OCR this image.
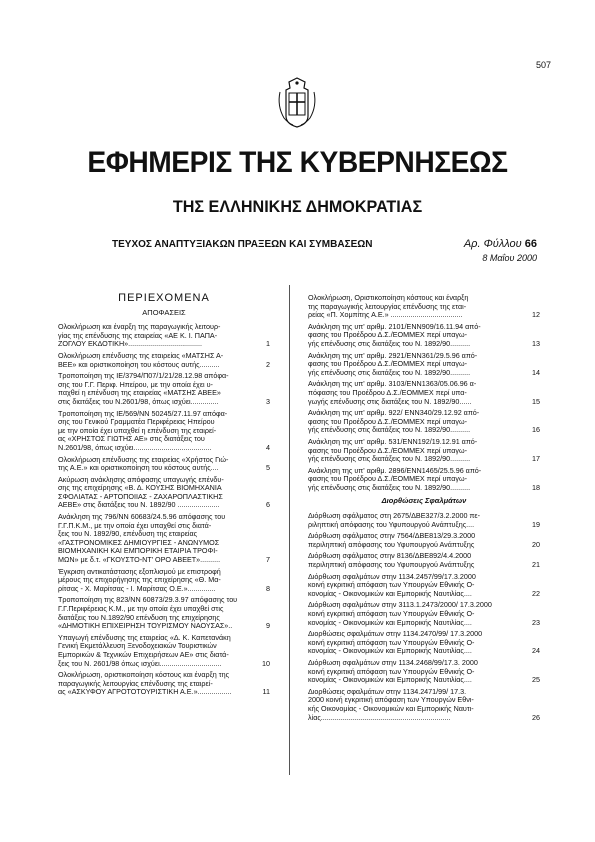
507
ΕΦΗΜΕΡΙΣ ΤΗΣ ΚΥΒΕΡΝΗΣΕΩΣ
ΤΗΣ ΕΛΛΗΝΙΚΗΣ ΔΗΜΟΚΡΑΤΙΑΣ
ΤΕΥΧΟΣ ΑΝΑΠΤΥΞΙΑΚΩΝ ΠΡΑΞΕΩΝ ΚΑΙ ΣΥΜΒΑΣΕΩΝ	Αρ. Φύλλου 66
8 Μαΐου 2000
ΠΕΡΙΕΧΟΜΕΝΑ
ΑΠΟΦΑΣΕΙΣ
Ολοκλήρωση και έναρξη της παραγωγικής λειτουρ-
γίας της επένδυσης της εταιρείας «ΑΕ Κ. Ι. ΠΑΠΑ-
ΖΟΓΛΟΥ ΕΚΔΟΤΙΚΗ».....................................	1
Ολοκλήρωση επένδυσης της εταιρείας «ΜΑΤΣΗΣ Α-
ΒΕΕ» και οριστικοποίηση του κόστους αυτής..........	2
Τροποποίηση της ΙΕ/3794/Π07/1/21/28.12.98 απόφα-
σης του Γ.Γ. Περιφ. Ηπείρου, με την οποία έχει υ-
παχθεί η επένδυση της εταιρείας «ΜΑΤΣΗΣ ΑΒΕΕ»
στις διατάξεις του Ν.2601/98, όπως ισχύει..............	3
Τροποποίηση της ΙΕ/569/ΝΝ 50245/27.11.97 απόφα-
σης του Γενικού Γραμματέα Περιφέρειας Ηπείρου
με την οποία έχει υπαχθεί η επένδυση της εταιρεί-
ας «ΧΡΗΣΤΟΣ ΓΙΩΤΗΣ ΑΕ» στις διατάξεις του
Ν.2601/98, όπως ισχύει.......................................	4
Ολοκλήρωση επένδυσης της εταιρείας «Χρήστος Γιώ-
της Α.Ε.» και οριστικοποίηση του κόστους αυτής....	5
Ακύρωση ανάκλησης απόφασης υπαγωγής επένδυ-
σης της επιχείρησης «Β. Δ. ΚΟΥΣΗΣ ΒΙΟΜΗΧΑΝΙΑ
ΣΦΟΛΙΑΤΑΣ - ΑΡΤΟΠΟΙΙΑΣ - ΖΑΧΑΡΟΠΛΑΣΤΙΚΗΣ
ΑΕΒΕ» στις διατάξεις του Ν. 1892/90 .....................	6
Ανάκληση της 796/ΝΝ 60683/24.5.96 απόφασης του
Γ.Γ.Π.Κ.Μ., με την οποία έχει υπαχθεί στις διατά-
ξεις του Ν. 1892/90, επένδυση της εταιρείας
«ΓΑΣΤΡΟΝΟΜΙΚΕΣ ΔΗΜΙΟΥΡΓΙΕΣ - ΑΝΩΝΥΜΟΣ
ΒΙΟΜΗΧΑΝΙΚΗ ΚΑΙ ΕΜΠΟΡΙΚΗ ΕΤΑΙΡΙΑ ΤΡΟΦΙ-
ΜΩΝ» με δ.τ. «ΓΚΟΥΣΤΟ-ΝΤ' ΟΡΟ ΑΒΕΕΤ»..........	7
Έγκριση αντικατάστασης εξοπλισμού με επιστροφή
μέρους της επιχορήγησης της επιχείρησης «Θ. Μα-
ρίτσας - Χ. Μαρίτσας - Ι. Μαρίτσας Ο.Ε.»..............	8
Τροποποίηση της 823/ΝΝ 60873/29.3.97 απόφασης του
Γ.Γ.Περιφέρειας Κ.Μ., με την οποία έχει υπαχθεί στις
διατάξεις του Ν.1892/90 επένδυση της επιχείρησης
«ΔΗΜΟΤΙΚΗ ΕΠΙΧΕΙΡΗΣΗ ΤΟΥΡΙΣΜΟΥ ΝΑΟΥΣΑΣ»..	9
Υπαγωγή επένδυσης της εταιρείας «Δ. Κ. Καπετανάκη
Γενική Εκμετάλλευση Ξενοδοχειακών Τουριστικών
Εμπορικών & Τεχνικών Επιχειρήσεων ΑΕ» στις διατά-
ξεις του Ν. 2601/98 όπως ισχύει...............................	10
Ολοκλήρωση, οριστικοποίηση κόστους και έναρξη της
παραγωγικής λειτουργίας επένδυσης της εταιρεί-
ας «ΑΣΚΥΦΟΥ ΑΓΡΟΤΟΤΟΥΡΙΣΤΙΚΗ Α.Ε.».................	11
Ολοκλήρωση, Οριστικοποίηση κόστους και έναρξη
της παραγωγικής λειτουργίας επένδυσης της εται-
ρείας «Π. Χομπίτης Α.Ε.» ....................................	12
Ανάκληση της υπ' αριθμ. 2101/ΕΝΝ909/16.11.94 από-
φασης του Προέδρου Δ.Σ./ΕΟΜΜΕΧ περί υπαγω-
γής επένδυσης στις διατάξεις του Ν. 1892/90..........	13
Ανάκληση της υπ' αριθμ. 2921/ΕΝΝ361/29.5.96 από-
φασης του Προέδρου Δ.Σ./ΕΟΜΜΕΧ περί υπαγω-
γής επένδυσης στις διατάξεις του Ν. 1892/90..........	14
Ανάκληση της υπ' αριθμ. 3103/ΕΝΝ1363/05.06.96 α-
πόφασης του Προέδρου Δ.Σ./ΕΟΜΜΕΧ περί υπα-
γωγής επένδυσης στις διατάξεις του Ν. 1892/90......	15
Ανάκληση της υπ' αριθμ. 922/ ΕΝΝ340/29.12.92 από-
φασης του Προέδρου Δ.Σ./ΕΟΜΜΕΧ περί υπαγω-
γής επένδυσης στις διατάξεις του Ν. 1892/90..........	16
Ανάκληση της υπ' αριθμ. 531/ΕΝΝ192/19.12.91 από-
φασης του Προέδρου Δ.Σ./ΕΟΜΜΕΧ περί υπαγω-
γής επένδυσης στις διατάξεις του Ν. 1892/90..........	17
Ανάκληση της υπ' αριθμ. 2896/ΕΝΝ1465/25.5.96 από-
φασης του Προέδρου Δ.Σ./ΕΟΜΜΕΧ περί υπαγω-
γής επένδυσης στις διατάξεις του Ν. 1892/90..........	18
Διορθώσεις Σφαλμάτων
Διόρθωση σφάλματος στη 2675/ΔΒΕ327/3.2.2000 πε-
ριληπτική απόφασης του Υφυπουργού Ανάπτυξης....	19
Διόρθωση σφάλματος στην 7564/ΔΒΕ813/29.3.2000
περιληπτική απόφασης του Υφυπουργού Ανάπτυξης	20
Διόρθωση σφάλματος στην 8136/ΔΒΕ892/4.4.2000
περιληπτική απόφασης του Υφυπουργού Ανάπτυξης	21
Διόρθωση σφαλμάτων στην 1134.2457/99/17.3.2000
κοινή εγκριτική απόφαση των Υπουργών Εθνικής Ο-
κονομίας - Οικονομικών και Εμπορικής Ναυτιλίας....	22
Διόρθωση σφαλμάτων στην 3113.1.2473/2000/ 17.3.2000
κοινή εγκριτική απόφαση των Υπουργών Εθνικής Ο-
κονομίας - Οικονομικών και Εμπορικής Ναυτιλίας....	23
Διορθώσεις σφαλμάτων στην 1134.2470/99/ 17.3.2000
κοινή εγκριτική απόφαση των Υπουργών Εθνικής Ο-
κονομίας - Οικονομικών και Εμπορικής Ναυτιλίας....	24
Διόρθωση σφαλμάτων στην 1134.2468/99/17.3. 2000
κοινή εγκριτική απόφαση των Υπουργών Εθνικής Ο-
κονομίας - Οικονομικών και Εμπορικής Ναυτιλίας....	25
Διορθώσεις σφαλμάτων στην 1134.2471/99/ 17.3.
2000 κοινή εγκριτική απόφαση των Υπουργών Εθνι-
κής Οικονομίας - Οικονομικών και Εμπορικής Ναυτι-
λίας.................................................................	26
